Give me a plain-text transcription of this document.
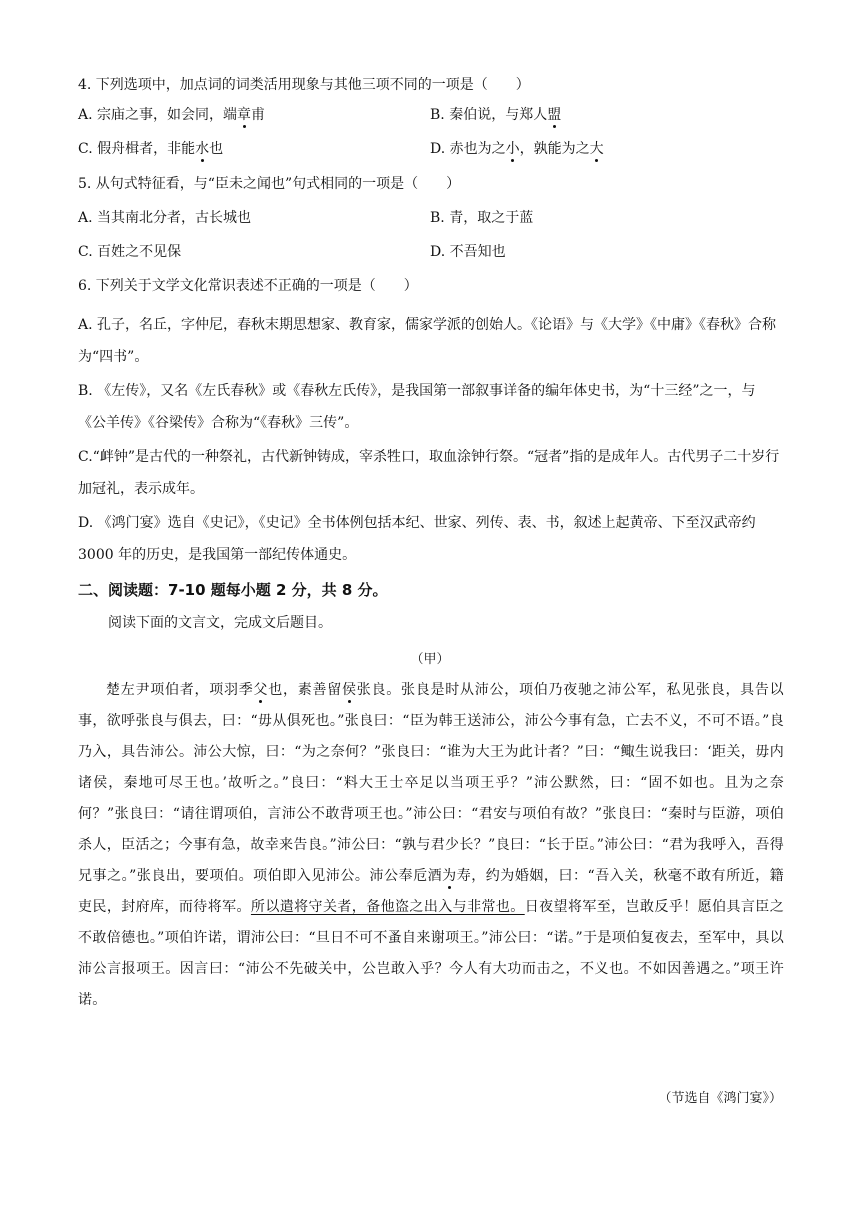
4. 下列选项中，加点词的词类活用现象与其他三项不同的一项是（　　）
A. 宗庙之事，如会同，端章甫	B. 秦伯说，与郑人盟
C. 假舟楫者，非能水也	D. 赤也为之小，孰能为之大
5. 从句式特征看，与“臣未之闻也”句式相同的一项是（　　）
A. 当其南北分者，古长城也	B. 青，取之于蓝
C. 百姓之不见保	D. 不吾知也
6. 下列关于文学文化常识表述不正确的一项是（　　）
A. 孔子，名丘，字仲尼，春秋末期思想家、教育家，儒家学派的创始人。《论语》与《大学》《中庸》《春秋》合称为“四书”。
B. 《左传》，又名《左氏春秋》或《春秋左氏传》，是我国第一部叙事详备的编年体史书，为“十三经”之一，与《公羊传》《谷梁传》合称为“《春秋》三传”。
C.“衅钟”是古代的一种祭礼，古代新钟铸成，宰杀牲口，取血涂钟行祭。“冠者”指的是成年人。古代男子二十岁行加冠礼，表示成年。
D. 《鸿门宴》选自《史记》，《史记》全书体例包括本纪、世家、列传、表、书，叙述上起黄帝、下至汉武帝约 3000 年的历史，是我国第一部纪传体通史。
二、阅读题：7-10 题每小题 2 分，共 8 分。
阅读下面的文言文，完成文后题目。
（甲）

楚左尹项伯者，项羽季父也，素善留侯张良。张良是时从沛公，项伯乃夜驰之沛公军，私见张良，具告以事，欲呼张良与俱去，曰：“毋从俱死也。”张良曰：“臣为韩王送沛公，沛公今事有急，亡去不义，不可不语。”良乃入，具告沛公。沛公大惊，曰：“为之奈何？”张良曰：“谁为大王为此计者？”曰：“鲰生说我曰：‘距关，毋内诸侯，秦地可尽王也。’故听之。”良曰：“料大王士卒足以当项王乎？”沛公默然，曰：“固不如也。且为之奈何？”张良曰：“请往谓项伯，言沛公不敢背项王也。”沛公曰：“君安与项伯有故？”张良曰：“秦时与臣游，项伯杀人，臣活之；今事有急，故幸来告良。”沛公曰：“孰与君少长？”良曰：“长于臣。”沛公曰：“君为我呼入，吾得兄事之。”张良出，要项伯。项伯即入见沛公。沛公奉卮酒为寿，约为婚姻，曰：“吾入关，秋毫不敢有所近，籍吏民，封府库，而待将军。所以遣将守关者，备他盗之出入与非常也。日夜望将军至，岂敢反乎！愿伯具言臣之不敢倍德也。”项伯许诺，谓沛公曰：“旦日不可不蚤自来谢项王。”沛公曰：“诺。”于是项伯复夜去，至军中，具以沛公言报项王。因言曰：“沛公不先破关中，公岂敢入乎？今人有大功而击之，不义也。不如因善遇之。”项王许诺。

（节选自《鸿门宴》）
